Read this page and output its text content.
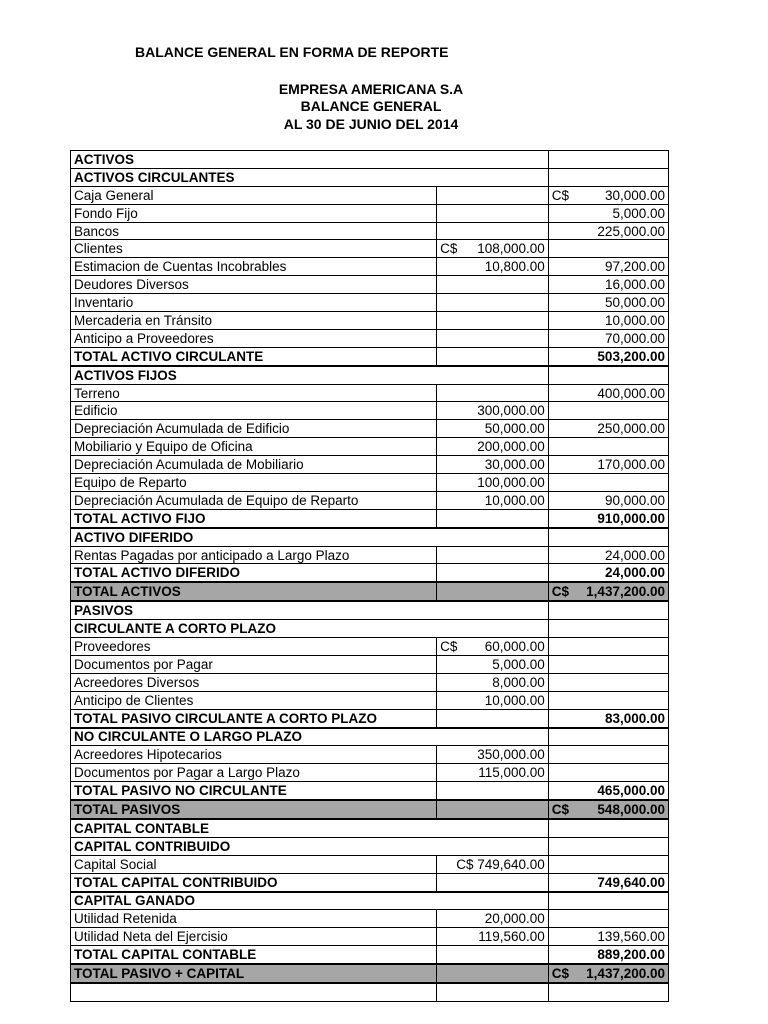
BALANCE GENERAL EN FORMA DE REPORTE
EMPRESA AMERICANA S.A
BALANCE GENERAL
AL 30 DE JUNIO DEL 2014
ACTIVOS		
ACTIVOS CIRCULANTES		
Caja General		C$ 30,000.00
Fondo Fijo		5,000.00
Bancos		225,000.00
Clientes	C$ 108,000.00	
Estimacion de Cuentas Incobrables	10,800.00	97,200.00
Deudores Diversos		16,000.00
Inventario		50,000.00
Mercaderia en Tránsito		10,000.00
Anticipo a Proveedores		70,000.00
TOTAL ACTIVO CIRCULANTE		503,200.00
ACTIVOS FIJOS		
Terreno		400,000.00
Edificio	300,000.00	
Depreciación Acumulada de Edificio	50,000.00	250,000.00
Mobiliario y Equipo de Oficina	200,000.00	
Depreciación Acumulada de Mobiliario	30,000.00	170,000.00
Equipo de Reparto	100,000.00	
Depreciación Acumulada de Equipo de Reparto	10,000.00	90,000.00
TOTAL ACTIVO FIJO		910,000.00
ACTIVO DIFERIDO		
Rentas Pagadas por anticipado a Largo Plazo		24,000.00
TOTAL ACTIVO DIFERIDO		24,000.00
TOTAL ACTIVOS		C$ 1,437,200.00
PASIVOS		
CIRCULANTE A CORTO PLAZO		
Proveedores	C$ 60,000.00	
Documentos por Pagar	5,000.00	
Acreedores Diversos	8,000.00	
Anticipo de Clientes	10,000.00	
TOTAL PASIVO CIRCULANTE A CORTO PLAZO		83,000.00
NO CIRCULANTE O LARGO PLAZO		
Acreedores Hipotecarios	350,000.00	
Documentos por Pagar a Largo Plazo	115,000.00	
TOTAL PASIVO NO CIRCULANTE		465,000.00
TOTAL PASIVOS		C$ 548,000.00
CAPITAL CONTABLE		
CAPITAL CONTRIBUIDO		
Capital Social	C$ 749,640.00	
TOTAL CAPITAL CONTRIBUIDO		749,640.00
CAPITAL GANADO		
Utilidad Retenida	20,000.00	
Utilidad Neta del Ejercisio	119,560.00	139,560.00
TOTAL CAPITAL CONTABLE		889,200.00
TOTAL PASIVO + CAPITAL		C$ 1,437,200.00
